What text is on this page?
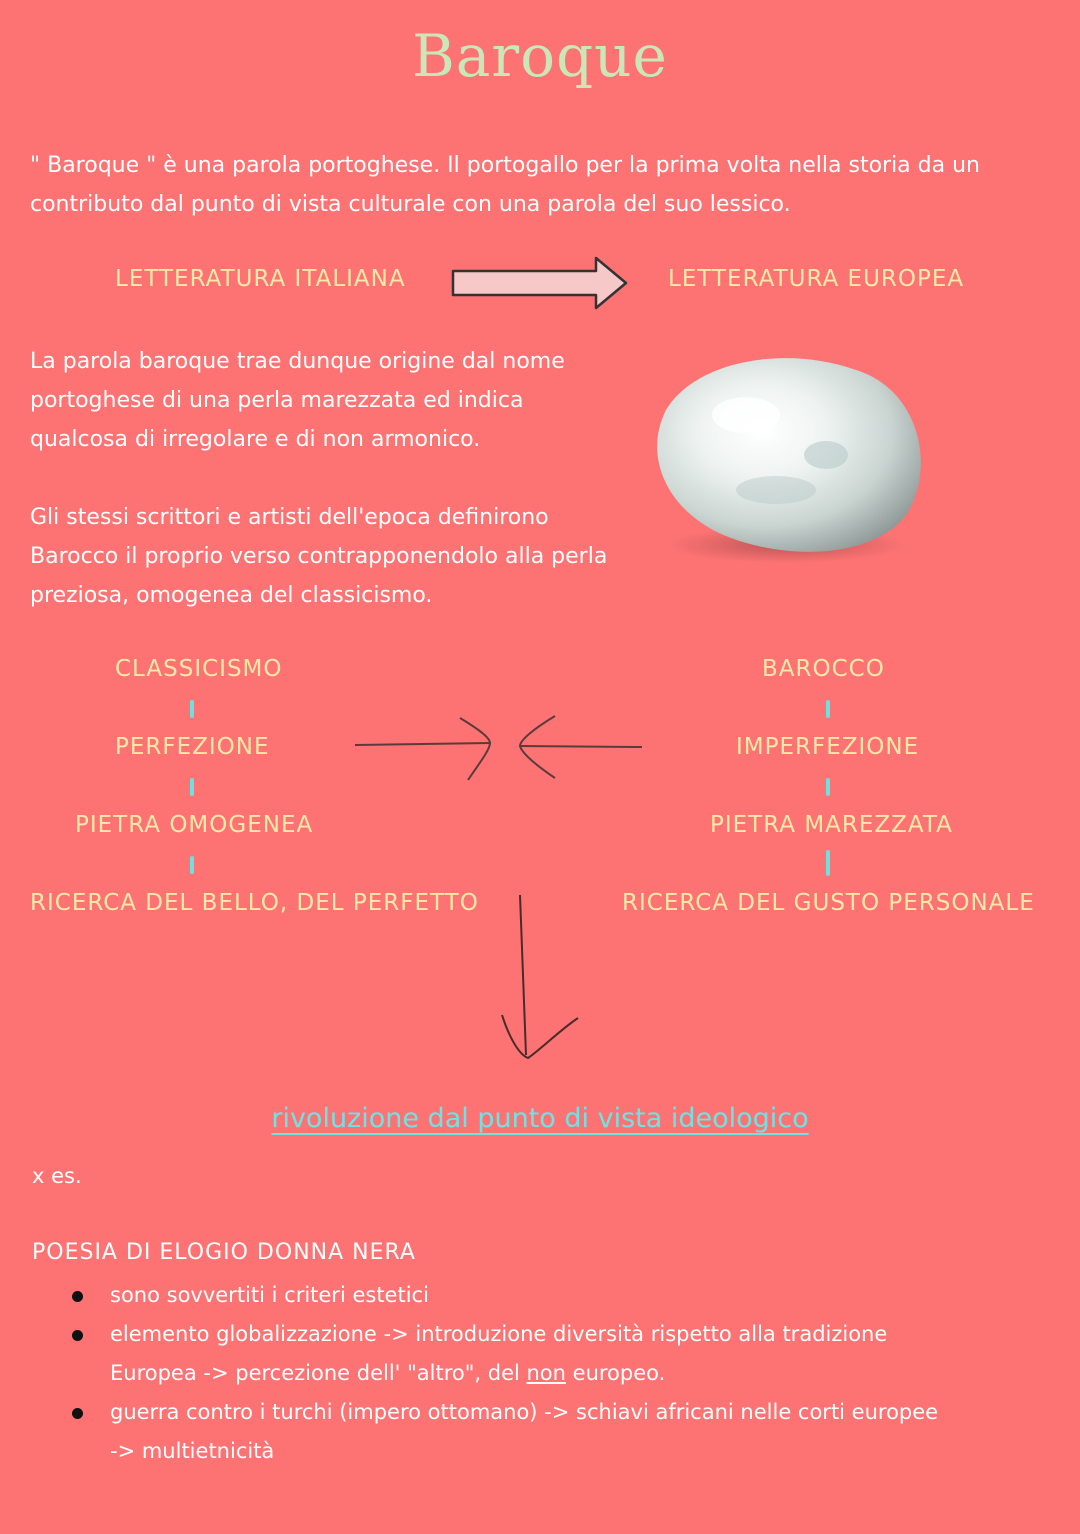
Baroque
" Baroque " è una parola portoghese. Il portogallo per la prima volta nella storia da un
contributo dal punto di vista culturale con una parola del suo lessico.
LETTERATURA ITALIANA	LETTERATURA EUROPEA
La parola baroque trae dunque origine dal nome
portoghese di una perla marezzata ed indica
qualcosa di irregolare e di non armonico.
Gli stessi scrittori e artisti dell'epoca definirono
Barocco il proprio verso contrapponendolo alla perla
preziosa, omogenea del classicismo.
CLASSICISMO
PERFEZIONE
PIETRA OMOGENEA
RICERCA DEL BELLO, DEL PERFETTO
BAROCCO
IMPERFEZIONE
PIETRA MAREZZATA
RICERCA DEL GUSTO PERSONALE
rivoluzione dal punto di vista ideologico
x es.
POESIA DI ELOGIO DONNA NERA
sono sovvertiti i criteri estetici
elemento globalizzazione -> introduzione diversità rispetto alla tradizione
Europea -> percezione dell' "altro", del non europeo.
guerra contro i turchi (impero ottomano) -> schiavi africani nelle corti europee
-> multietnicità
